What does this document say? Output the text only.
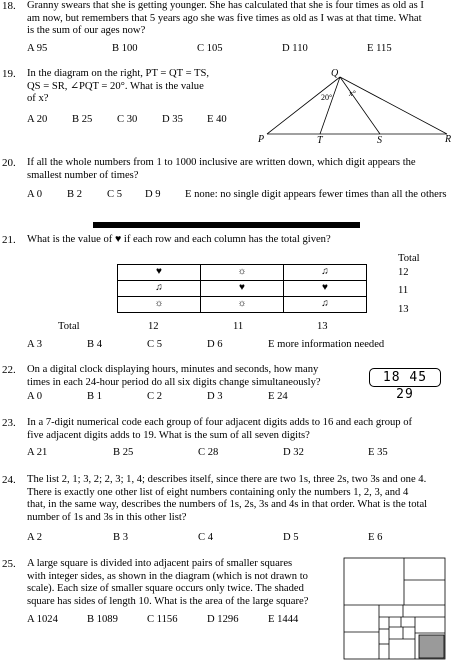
18. Granny swears that she is getting younger. She has calculated that she is four times as old as I
am now, but remembers that 5 years ago she was five times as old as I was at that time. What
is the sum of our ages now?
A 95	B 100	C 105	D 110	E 115
19. In the diagram on the right, PT = QT = TS,
QS = SR, ∠PQT = 20°. What is the value
of x?
A 20 B 25 C 30 D 35 E 40
Q
P	T	S	R
20° x°
20. If all the whole numbers from 1 to 1000 inclusive are written down, which digit appears the
smallest number of times?
A 0 B 2 C 5 D 9 E none: no single digit appears fewer times than all the others
21. What is the value of ♥ if each row and each column has the total given?
Total
♥	☼	♫
♫	♥	♥
☼	☼	♫
12
11
13
Total	12	11	13
A 3	B 4	C 5	D 6	E more information needed
22. On a digital clock displaying hours, minutes and seconds, how many
times in each 24-hour period do all six digits change simultaneously?
A 0	B 1	C 2	D 3	E 24
18 45 29
23. In a 7-digit numerical code each group of four adjacent digits adds to 16 and each group of
five adjacent digits adds to 19. What is the sum of all seven digits?
A 21	B 25	C 28	D 32	E 35
24. The list 2, 1; 3, 2; 2, 3; 1, 4; describes itself, since there are two 1s, three 2s, two 3s and one 4.
There is exactly one other list of eight numbers containing only the numbers 1, 2, 3, and 4
that, in the same way, describes the numbers of 1s, 2s, 3s and 4s in that order. What is the total
number of 1s and 3s in this other list?
A 2	B 3	C 4	D 5	E 6
25. A large square is divided into adjacent pairs of smaller squares
with integer sides, as shown in the diagram (which is not drawn to
scale). Each size of smaller square occurs only twice. The shaded
square has sides of length 10. What is the area of the large square?
A 1024	B 1089	C 1156	D 1296	E 1444
